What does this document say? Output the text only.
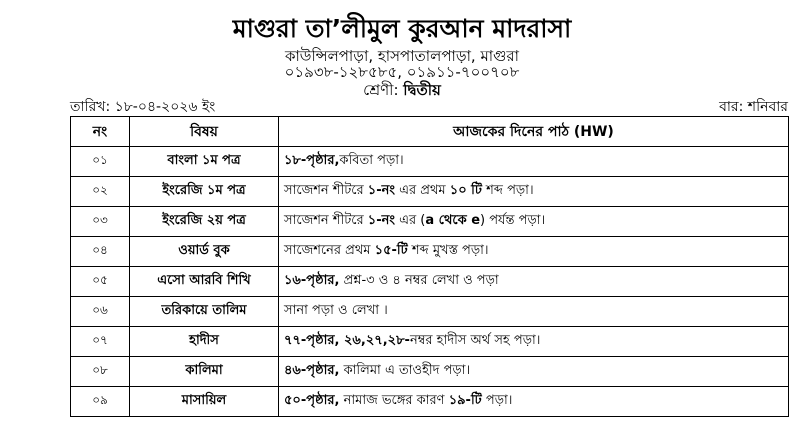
মাগুরা তা’লীমুল কুরআন মাদরাসা
কাউন্সিলপাড়া, হাসপাতালপাড়া, মাগুরা
০১৯৩৮-১২৮৫৮৫, ০১৯১১-৭০০৭০৮
শ্রেণী: দ্বিতীয়
তারিখ: ১৮-০৪-২০২৬ ইং	বার: শনিবার
নং	বিষয়	আজকের দিনের পাঠ (HW)
০১	বাংলা ১ম পত্র	১৮-পৃষ্ঠার,কবিতা পড়া।
০২	ইংরেজি ১ম পত্র	সাজেশন শীটরে ১-নং এর প্রথম ১০ টি শব্দ পড়া।
০৩	ইংরেজি ২য় পত্র	সাজেশন শীটরে ১-নং এর (a থেকে e) পর্যন্ত পড়া।
০৪	ওয়ার্ড বুক	সাজেশনের প্রথম ১৫-টি শব্দ মুখস্ত পড়া।
০৫	এসো আরবি শিখি	১৬-পৃষ্ঠার, প্রশ্ন-৩ ও ৪ নম্বর লেখা ও পড়া
০৬	তরিকায়ে তালিম	সানা পড়া ও লেখা ।
০৭	হাদীস	৭৭-পৃষ্ঠার, ২৬,২৭,২৮-নম্বর হাদীস অর্থ সহ পড়া।
০৮	কালিমা	৪৬-পৃষ্ঠার, কালিমা এ তাওহীদ পড়া।
০৯	মাসায়িল	৫০-পৃষ্ঠার, নামাজ ভঙ্গের কারণ ১৯-টি পড়া।
